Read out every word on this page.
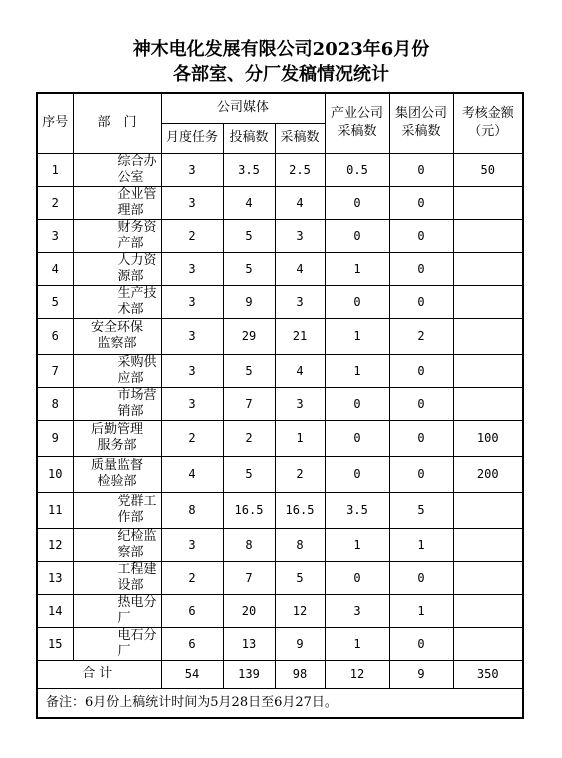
神木电化发展有限公司2023年6月份
各部室、分厂发稿情况统计
序号	部　门	公司媒体			产业公司采稿数	集团公司采稿数	考核金额（元）

		月度任务	投稿数	采稿数			
1	综合办公室	3	3.5	2.5	0.5	0	50
2	企业管理部	3	4	4	0	0	
3	财务资产部	2	5	3	0	0	
4	人力资源部	3	5	4	1	0	
5	生产技术部	3	9	3	0	0	
6	安全环保监察部	3	29	21	1	2	
7	采购供应部	3	5	4	1	0	
8	市场营销部	3	7	3	0	0	
9	后勤管理服务部	2	2	1	0	0	100
10	质量监督检验部	4	5	2	0	0	200
11	党群工作部	8	16.5	16.5	3.5	5	
12	纪检监察部	3	8	8	1	1	
13	工程建设部	2	7	5	0	0	
14	热电分厂	6	20	12	3	1	
15	电石分厂	6	13	9	1	0	
合计		54	139	98	12	9	350
备注：6月份上稿统计时间为5月28日至6月27日。							
